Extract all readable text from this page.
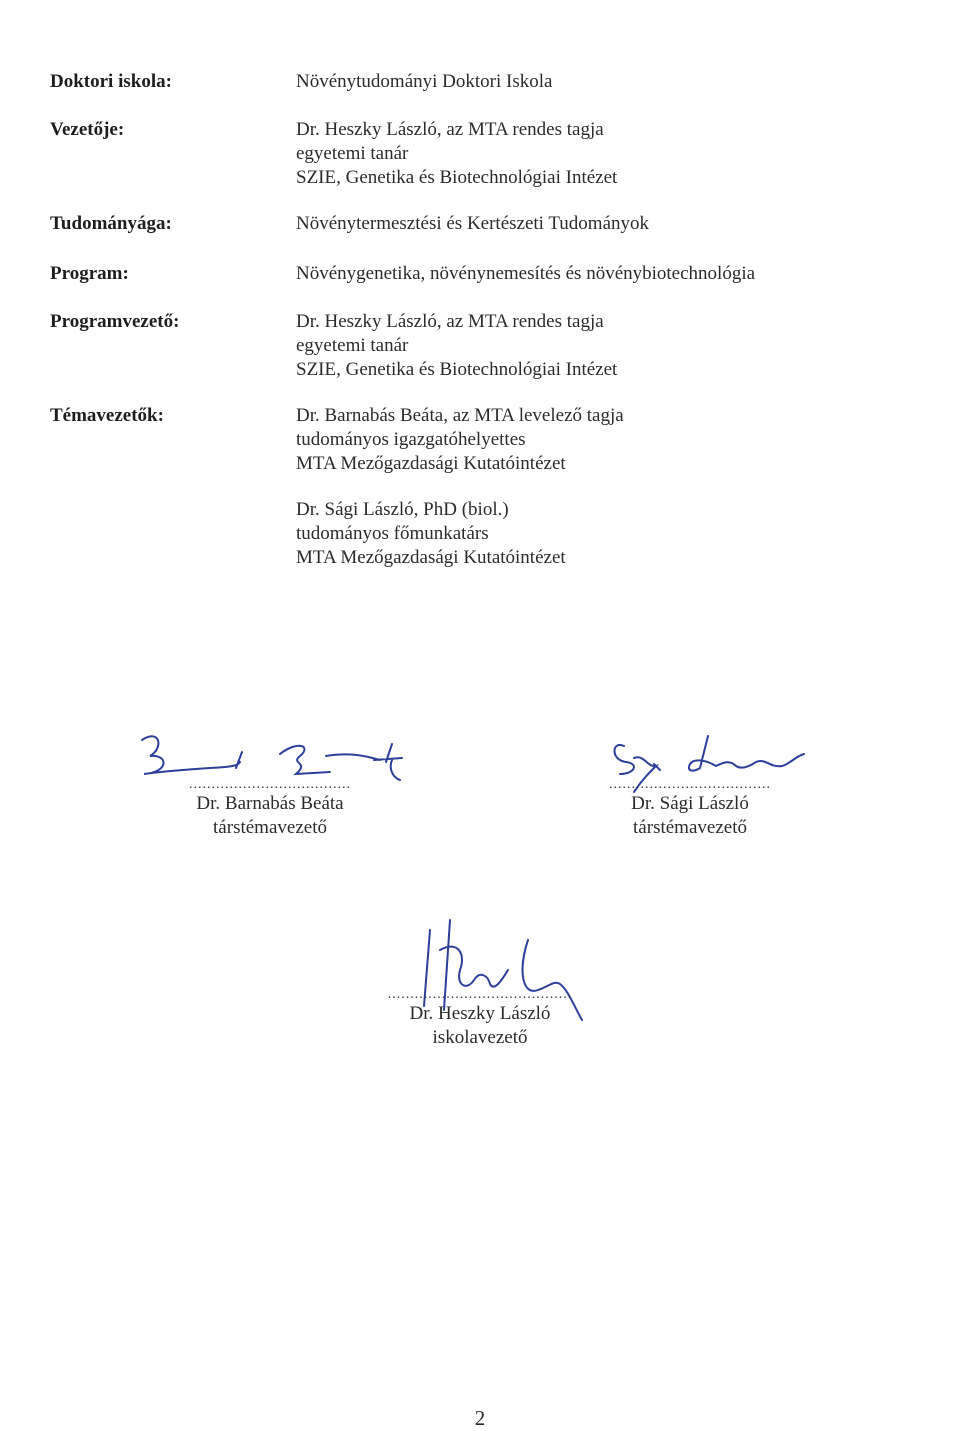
Doktori iskola:	Növénytudományi Doktori Iskola
Vezetője:	Dr. Heszky László, az MTA rendes tagja
egyetemi tanár
SZIE, Genetika és Biotechnológiai Intézet
Tudományága:	Növénytermesztési és Kertészeti Tudományok
Program:	Növénygenetika, növénynemesítés és növénybiotechnológia
Programvezető:	Dr. Heszky László, az MTA rendes tagja
egyetemi tanár
SZIE, Genetika és Biotechnológiai Intézet
Témavezetők:	Dr. Barnabás Beáta, az MTA levelező tagja
tudományos igazgatóhelyettes
MTA Mezőgazdasági Kutatóintézet
Dr. Sági László, PhD (biol.)
tudományos főmunkatárs
MTA Mezőgazdasági Kutatóintézet
....................................
Dr. Barnabás Beáta
társtémavezető
....................................
Dr. Sági László
társtémavezető
.........................................
Dr. Heszky László
iskolavezető
2
